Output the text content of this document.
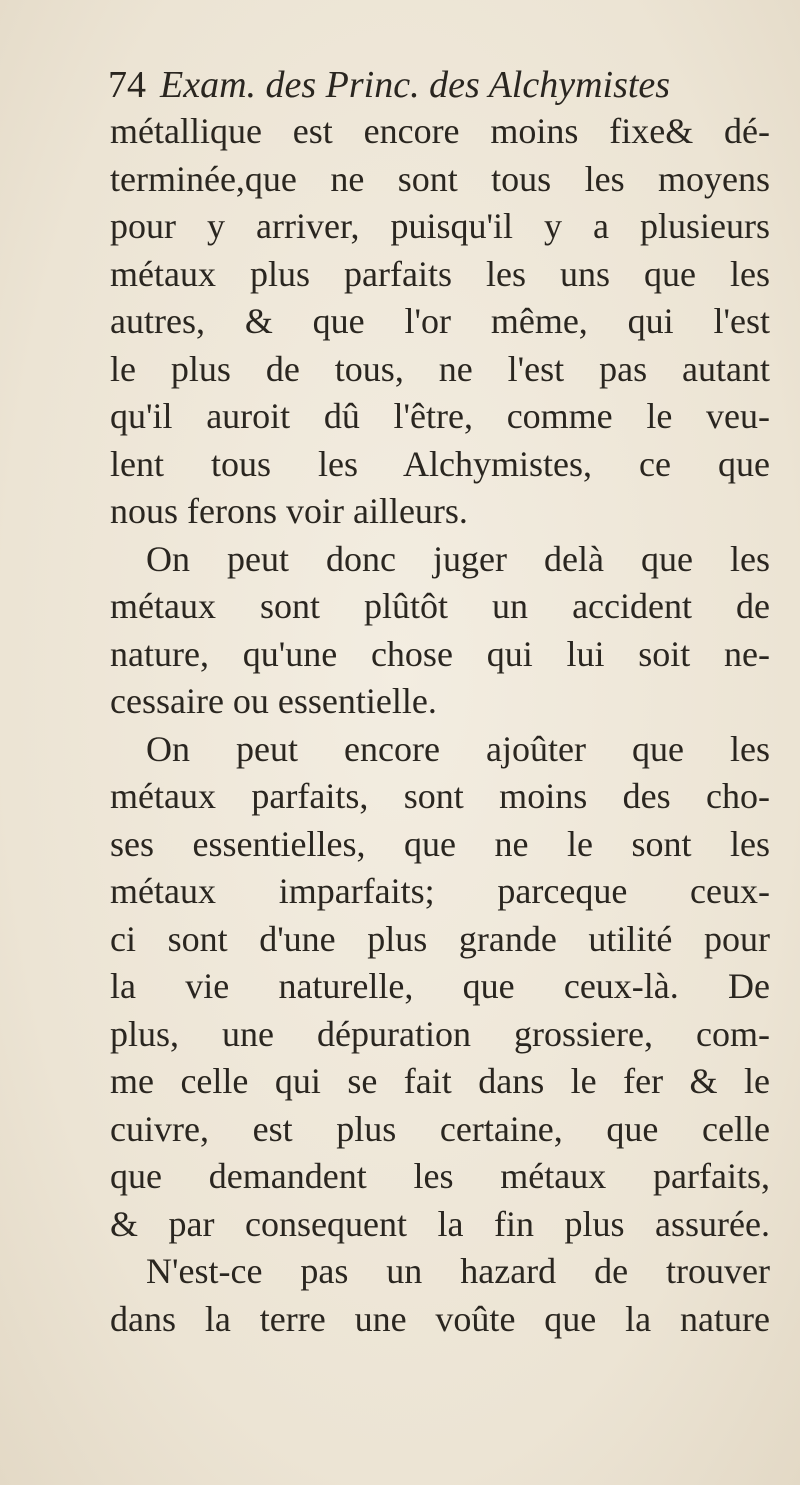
74 Exam. des Princ. des Alchymistes
métallique est encore moins fixe& dé-
terminée,que ne sont tous les moyens
pour y arriver, puisqu'il y a plusieurs
métaux plus parfaits les uns que les
autres, & que l'or même, qui l'est
le plus de tous, ne l'est pas autant
qu'il auroit dû l'être, comme le veu-
lent tous les Alchymistes, ce que
nous ferons voir ailleurs.
On peut donc juger delà que les
métaux sont plûtôt un accident de
nature, qu'une chose qui lui soit ne-
cessaire ou essentielle.
On peut encore ajoûter que les
métaux parfaits, sont moins des cho-
ses essentielles, que ne le sont les
métaux imparfaits; parceque ceux-
ci sont d'une plus grande utilité pour
la vie naturelle, que ceux-là. De
plus, une dépuration grossiere, com-
me celle qui se fait dans le fer & le
cuivre, est plus certaine, que celle
que demandent les métaux parfaits,
& par consequent la fin plus assurée.
N'est-ce pas un hazard de trouver
dans la terre une voûte que la nature
